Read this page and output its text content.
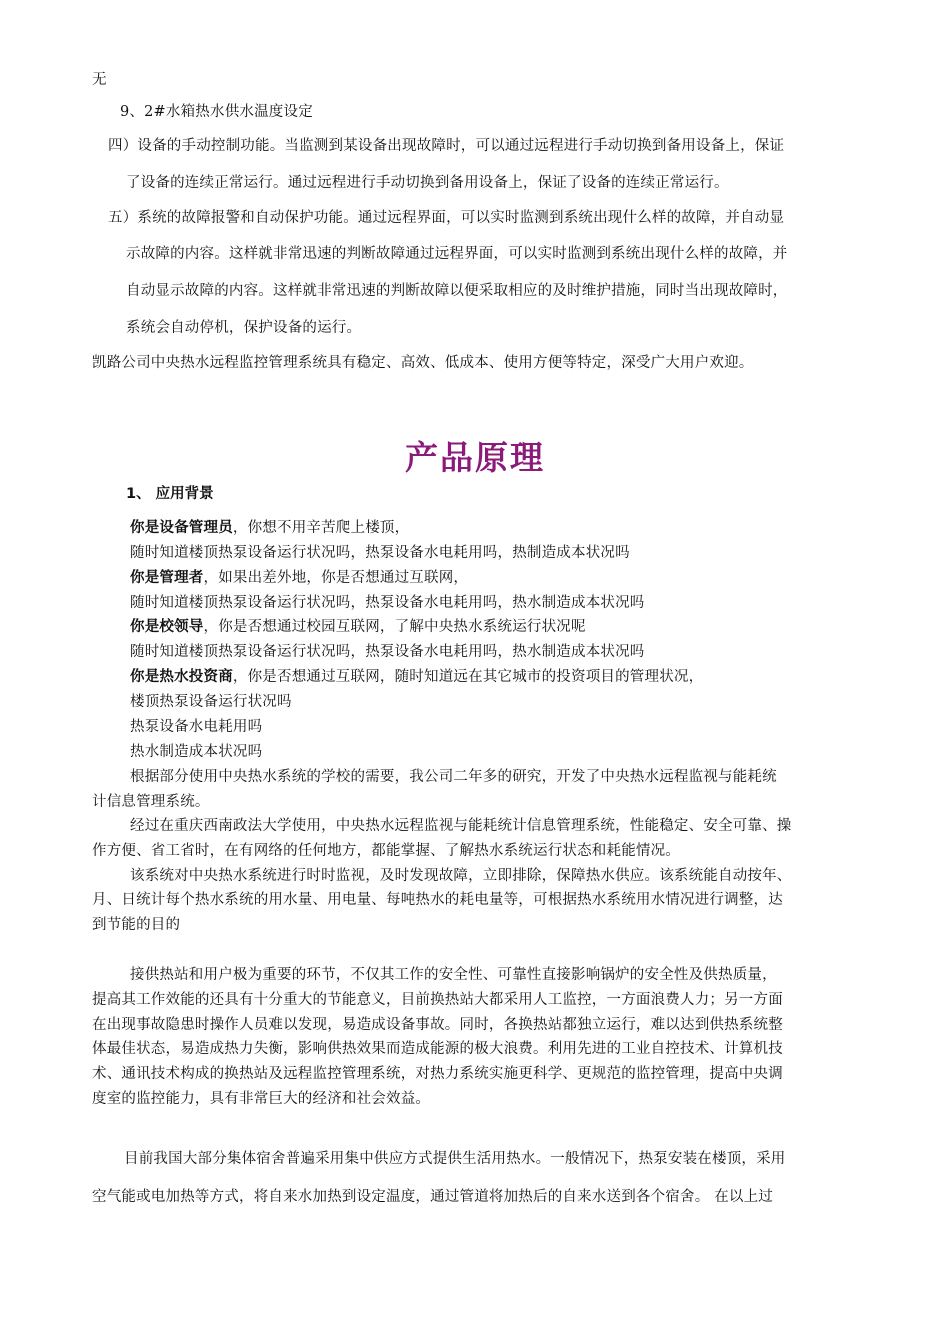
无
9、2#水箱热水供水温度设定
四）设备的手动控制功能。当监测到某设备出现故障时，可以通过远程进行手动切换到备用设备上，保证
了设备的连续正常运行。通过远程进行手动切换到备用设备上，保证了设备的连续正常运行。
五）系统的故障报警和自动保护功能。通过远程界面，可以实时监测到系统出现什么样的故障，并自动显
示故障的内容。这样就非常迅速的判断故障通过远程界面，可以实时监测到系统出现什么样的故障，并
自动显示故障的内容。这样就非常迅速的判断故障以便采取相应的及时维护措施，同时当出现故障时，
系统会自动停机，保护设备的运行。
凯路公司中央热水远程监控管理系统具有稳定、高效、低成本、使用方便等特定，深受广大用户欢迎。
产品原理
1、 应用背景
你是设备管理员，你想不用辛苦爬上楼顶，
随时知道楼顶热泵设备运行状况吗，热泵设备水电耗用吗，热制造成本状况吗
你是管理者，如果出差外地，你是否想通过互联网，
随时知道楼顶热泵设备运行状况吗，热泵设备水电耗用吗，热水制造成本状况吗
你是校领导，你是否想通过校园互联网，了解中央热水系统运行状况呢
随时知道楼顶热泵设备运行状况吗，热泵设备水电耗用吗，热水制造成本状况吗
你是热水投资商，你是否想通过互联网，随时知道远在其它城市的投资项目的管理状况，
楼顶热泵设备运行状况吗
热泵设备水电耗用吗
热水制造成本状况吗
根据部分使用中央热水系统的学校的需要，我公司二年多的研究，开发了中央热水远程监视与能耗统
计信息管理系统。
经过在重庆西南政法大学使用，中央热水远程监视与能耗统计信息管理系统，性能稳定、安全可靠、操
作方便、省工省时，在有网络的任何地方，都能掌握、了解热水系统运行状态和耗能情况。
该系统对中央热水系统进行时时监视，及时发现故障，立即排除，保障热水供应。该系统能自动按年、
月、日统计每个热水系统的用水量、用电量、每吨热水的耗电量等，可根据热水系统用水情况进行调整，达
到节能的目的
接供热站和用户极为重要的环节，不仅其工作的安全性、可靠性直接影响锅炉的安全性及供热质量，
提高其工作效能的还具有十分重大的节能意义，目前换热站大都采用人工监控，一方面浪费人力；另一方面
在出现事故隐患时操作人员难以发现，易造成设备事故。同时，各换热站都独立运行，难以达到供热系统整
体最佳状态，易造成热力失衡，影响供热效果而造成能源的极大浪费。利用先进的工业自控技术、计算机技
术、通讯技术构成的换热站及远程监控管理系统，对热力系统实施更科学、更规范的监控管理，提高中央调
度室的监控能力，具有非常巨大的经济和社会效益。
目前我国大部分集体宿舍普遍采用集中供应方式提供生活用热水。一般情况下，热泵安装在楼顶，采用
空气能或电加热等方式，将自来水加热到设定温度，通过管道将加热后的自来水送到各个宿舍。 在以上过
